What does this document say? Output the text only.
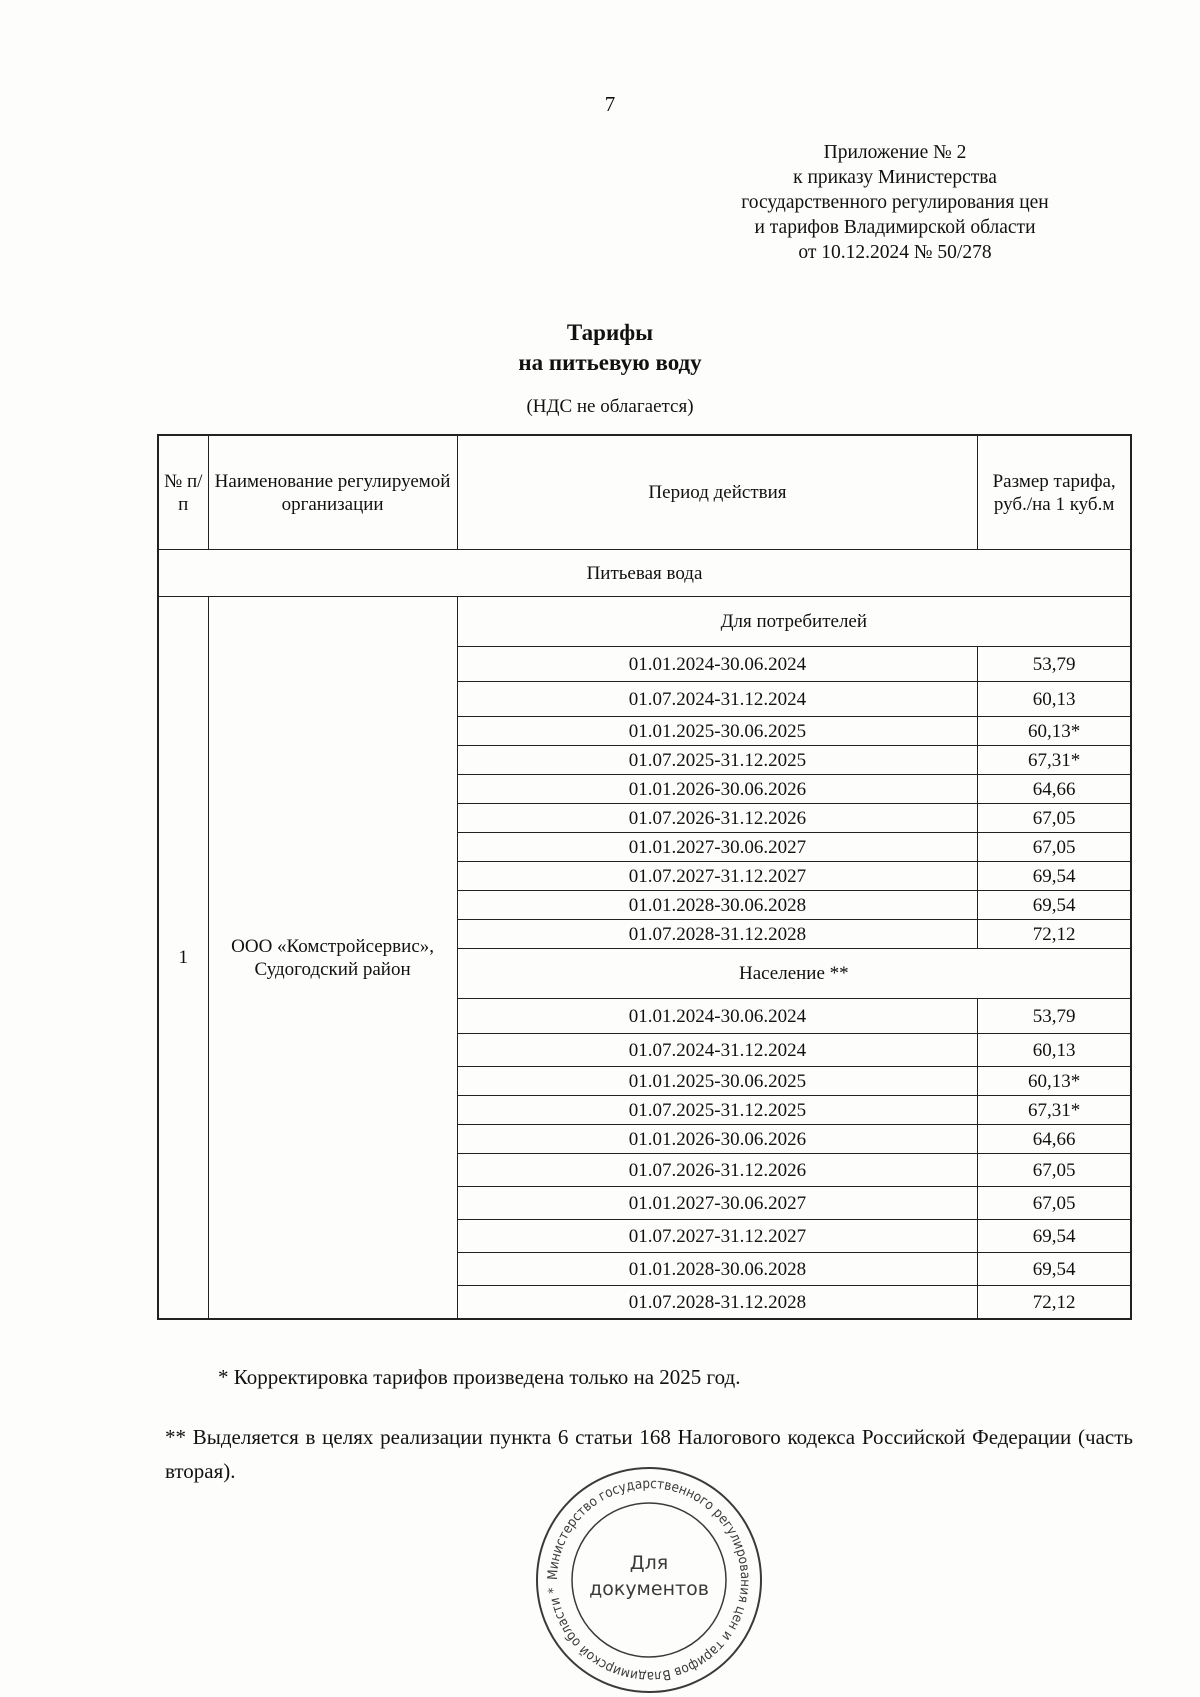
7
Приложение № 2
к приказу Министерства
государственного регулирования цен
и тарифов Владимирской области
от 10.12.2024 № 50/278
Тарифы
на питьевую воду
(НДС не облагается)
№ п/п	Наименование регулируемой организации	Период действия	Размер тарифа, руб./на 1 куб.м
Питьевая вода			
1	ООО «Комстройсервис», Судогодский район	Для потребителей	
		01.01.2024-30.06.2024	53,79
		01.07.2024-31.12.2024	60,13
		01.01.2025-30.06.2025	60,13*
		01.07.2025-31.12.2025	67,31*
		01.01.2026-30.06.2026	64,66
		01.07.2026-31.12.2026	67,05
		01.01.2027-30.06.2027	67,05
		01.07.2027-31.12.2027	69,54
		01.01.2028-30.06.2028	69,54
		01.07.2028-31.12.2028	72,12
		Население **	
		01.01.2024-30.06.2024	53,79
		01.07.2024-31.12.2024	60,13
		01.01.2025-30.06.2025	60,13*
		01.07.2025-31.12.2025	67,31*
		01.01.2026-30.06.2026	64,66
		01.07.2026-31.12.2026	67,05
		01.01.2027-30.06.2027	67,05
		01.07.2027-31.12.2027	69,54
		01.01.2028-30.06.2028	69,54
		01.07.2028-31.12.2028	72,12
* Корректировка тарифов произведена только на 2025 год.
** Выделяется в целях реализации пункта 6 статьи 168 Налогового кодекса Российской Федерации (часть вторая).
Министерство государственного регулирования цен и тарифов Владимирской области *
Для
документов
